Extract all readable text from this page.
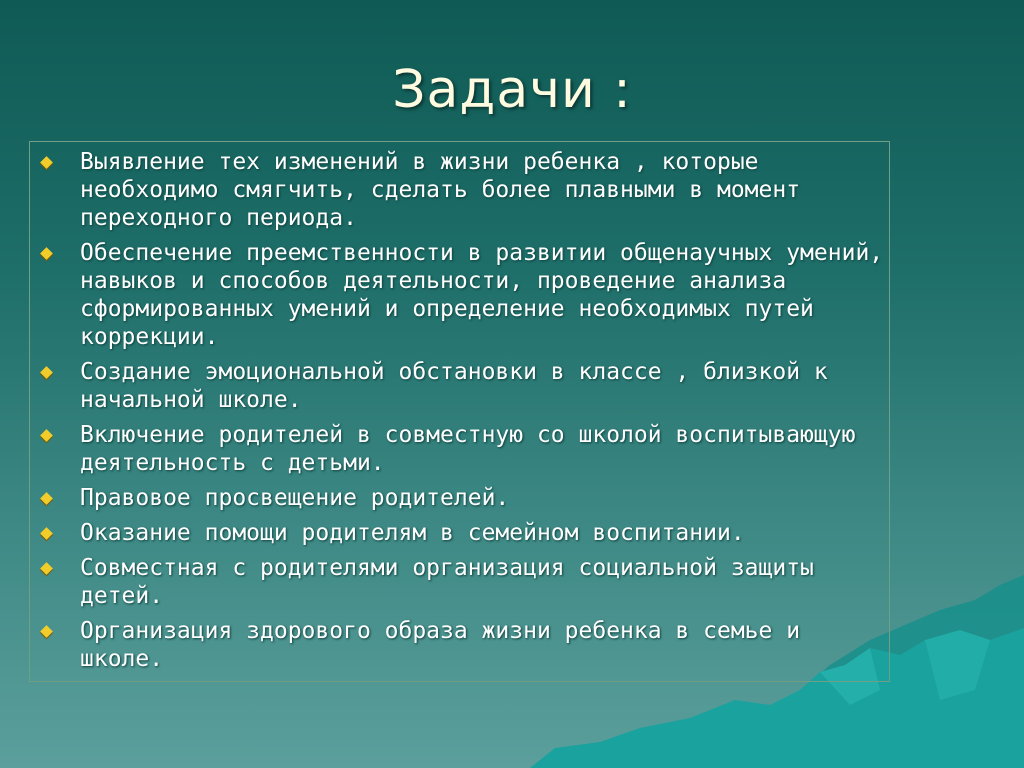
Задачи :
Выявление тех изменений в жизни ребенка , которые необходимо смягчить, сделать более плавными в момент переходного периода.
Обеспечение преемственности в развитии общенаучных умений, навыков и способов деятельности, проведение анализа сформированных умений и определение необходимых путей коррекции.
Создание эмоциональной обстановки в классе , близкой к начальной школе.
Включение родителей в совместную со школой воспитывающую деятельность с детьми.
Правовое просвещение родителей.
Оказание помощи родителям в семейном воспитании.
Совместная с родителями организация социальной защиты детей.
Организация здорового образа жизни ребенка в семье и школе.
